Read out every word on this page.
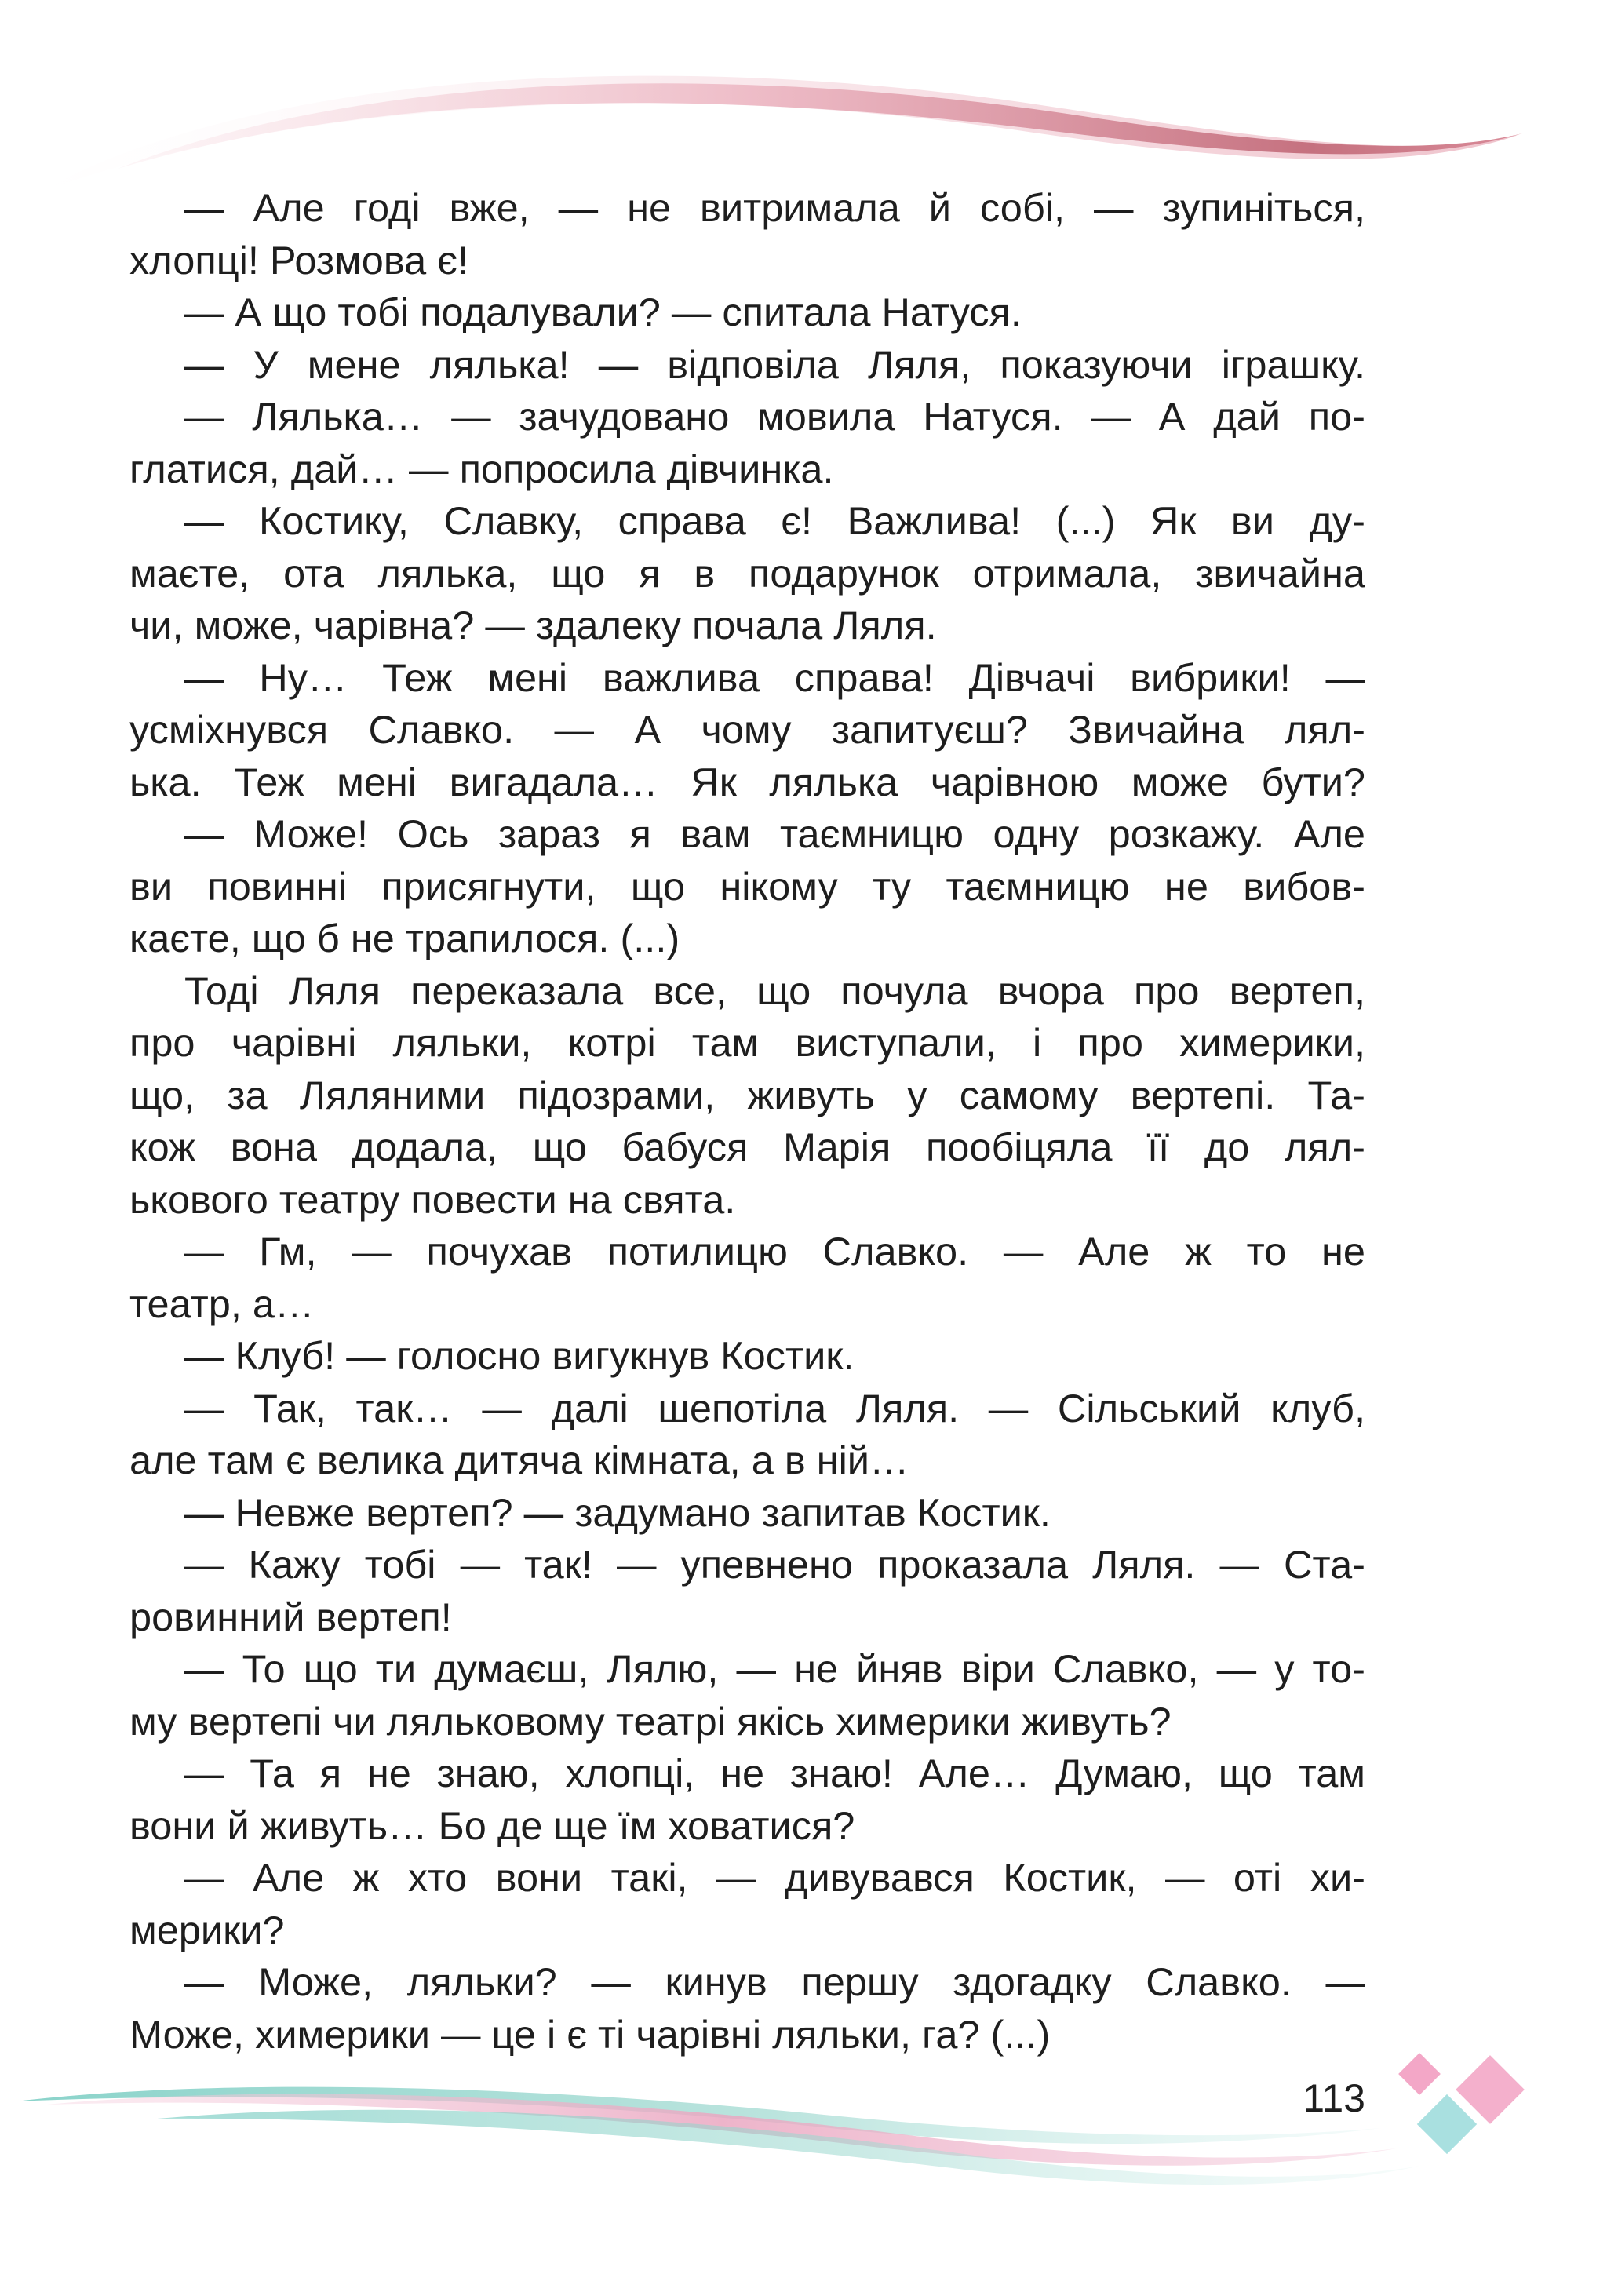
— Але годі вже, — не витримала й собі, — зупиніться,
хлопці! Розмова є!
— А що тобі подалували? — спитала Натуся.
— У мене лялька! — відповіла Ляля, показуючи іграшку.
— Лялька… — зачудовано мовила Натуся. — А дай по-
глатися, дай… — попросила дівчинка.
— Костику, Славку, справа є! Важлива! (...) Як ви ду-
маєте, ота лялька, що я в подарунок отримала, звичайна
чи, може, чарівна? — здалеку почала Ляля.
— Ну… Теж мені важлива справа! Дівчачі вибрики! —
усміхнувся Славко. — А чому запитуєш? Звичайна лял-
ька. Теж мені вигадала… Як лялька чарівною може бути?
— Може! Ось зараз я вам таємницю одну розкажу. Але
ви повинні присягнути, що нікому ту таємницю не вибов-
каєте, що б не трапилося. (...)
Тоді Ляля переказала все, що почула вчора про вертеп,
про чарівні ляльки, котрі там виступали, і про химерики,
що, за Ляляними підозрами, живуть у самому вертепі. Та-
кож вона додала, що бабуся Марія пообіцяла її до лял-
ькового театру повести на свята.
— Гм, — почухав потилицю Славко. — Але ж то не
театр, а…
— Клуб! — голосно вигукнув Костик.
— Так, так… — далі шепотіла Ляля. — Сільський клуб,
але там є велика дитяча кімната, а в ній…
— Невже вертеп? — задумано запитав Костик.
— Кажу тобі — так! — упевнено проказала Ляля. — Ста-
ровинний вертеп!
— То що ти думаєш, Лялю, — не йняв віри Славко, — у то-
му вертепі чи ляльковому театрі якісь химерики живуть?
— Та я не знаю, хлопці, не знаю! Але… Думаю, що там
вони й живуть… Бо де ще їм ховатися?
— Але ж хто вони такі, — дивувався Костик, — оті хи-
мерики?
— Може, ляльки? — кинув першу здогадку Славко. —
Може, химерики — це і є ті чарівні ляльки, га? (...)
113
